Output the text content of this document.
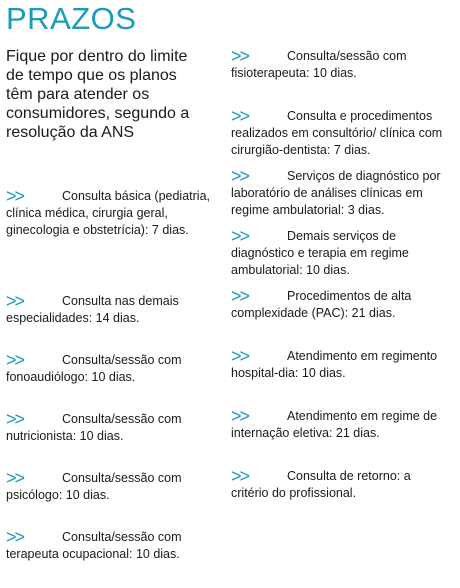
PRAZOS
Fique por dentro do limite de tempo que os planos têm para atender os consumidores, segundo a resolução da ANS
>>	Consulta básica (pediatria, clínica médica, cirurgia geral, ginecologia e obstetrícia): 7 dias.
>>	Consulta nas demais especialidades: 14 dias.
>>	Consulta/sessão com fonoaudiólogo: 10 dias.
>>	Consulta/sessão com nutricionista: 10 dias.
>>	Consulta/sessão com psicólogo: 10 dias.
>>	Consulta/sessão com terapeuta ocupacional: 10 dias.
>>	Consulta/sessão com fisioterapeuta: 10 dias.
>>	Consulta e procedimentos realizados em consultório/ clínica com cirurgião-dentista: 7 dias.
>>	Serviços de diagnóstico por laboratório de análises clínicas em regime ambulatorial: 3 dias.
>>	Demais serviços de diagnóstico e terapia em regime ambulatorial: 10 dias.
>>	Procedimentos de alta complexidade (PAC): 21 dias.
>>	Atendimento em regimento hospital-dia: 10 dias.
>>	Atendimento em regime de internação eletiva: 21 dias.
>>	Consulta de retorno: a critério do profissional.
